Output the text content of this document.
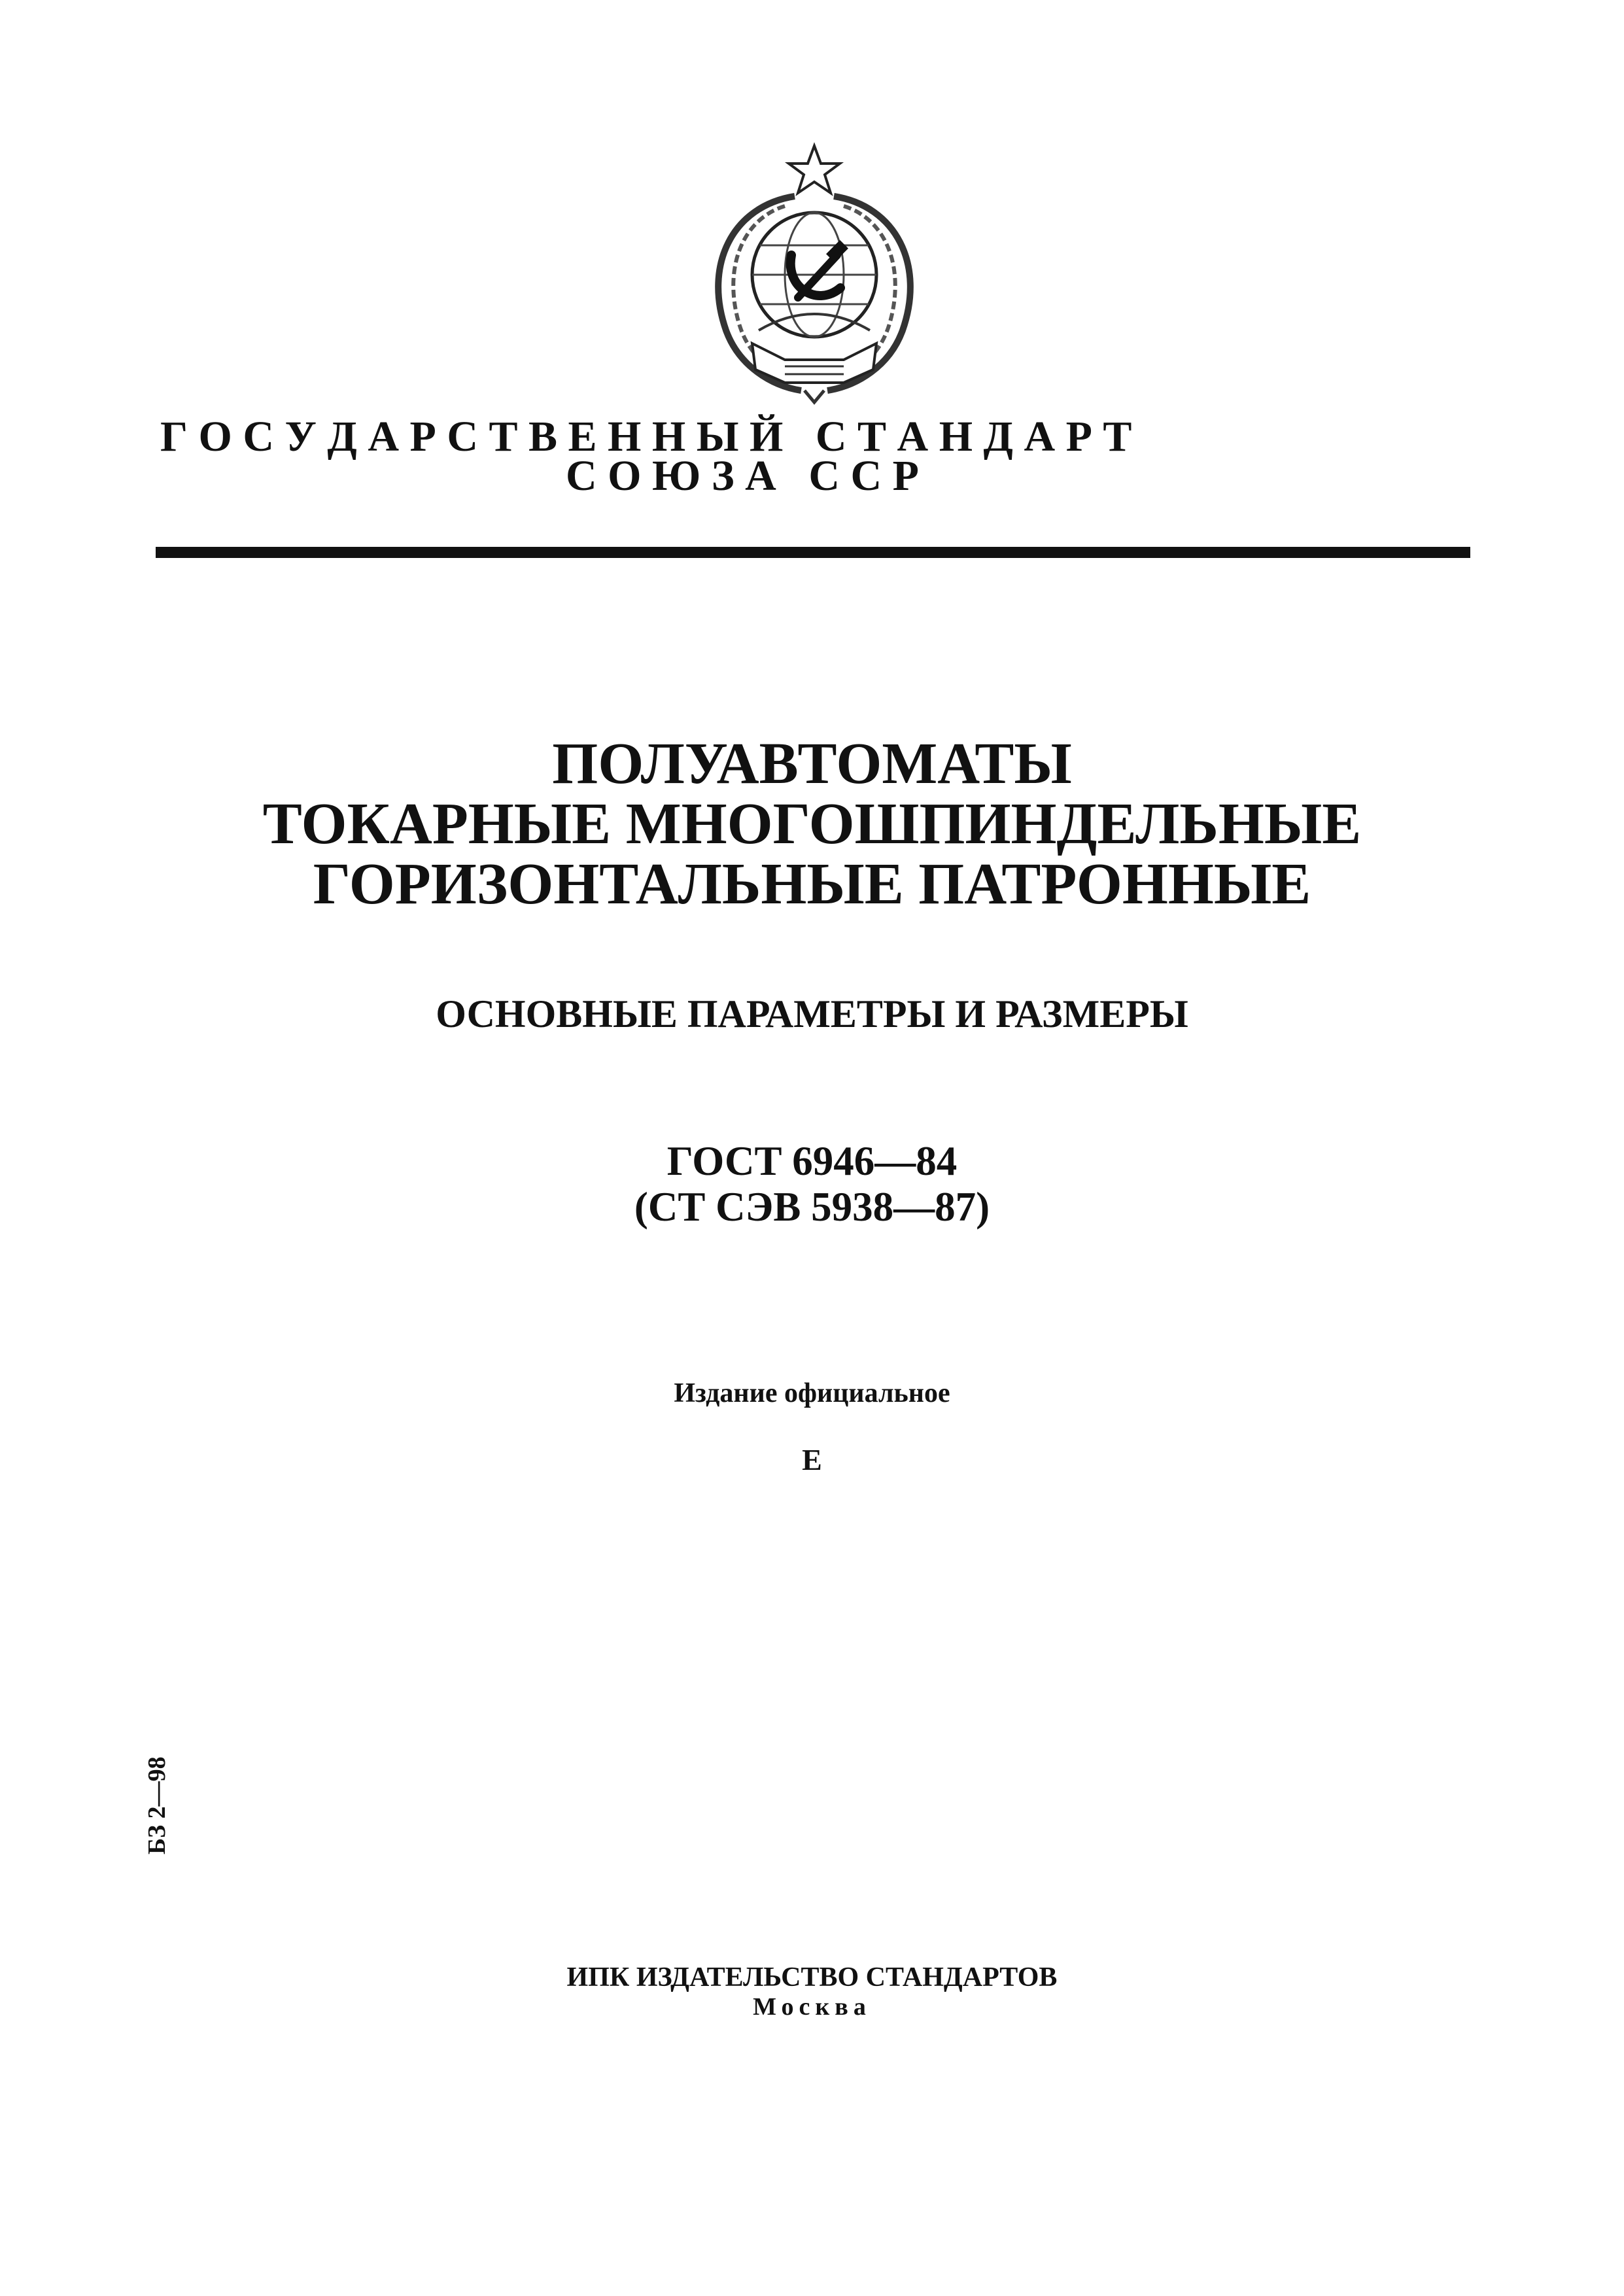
Г О С У Д А Р С Т В Е Н Н Ы Й   С Т А Н Д А Р Т
С О Ю З А   С С Р
ПОЛУАВТОМАТЫ
ТОКАРНЫЕ МНОГОШПИНДЕЛЬНЫЕ
ГОРИЗОНТАЛЬНЫЕ ПАТРОННЫЕ
ОСНОВНЫЕ ПАРАМЕТРЫ И РАЗМЕРЫ
ГОСТ 6946—84
(СТ СЭВ 5938—87)
Издание официальное
Е
БЗ 2—98
ИПК ИЗДАТЕЛЬСТВО СТАНДАРТОВ
Москва
